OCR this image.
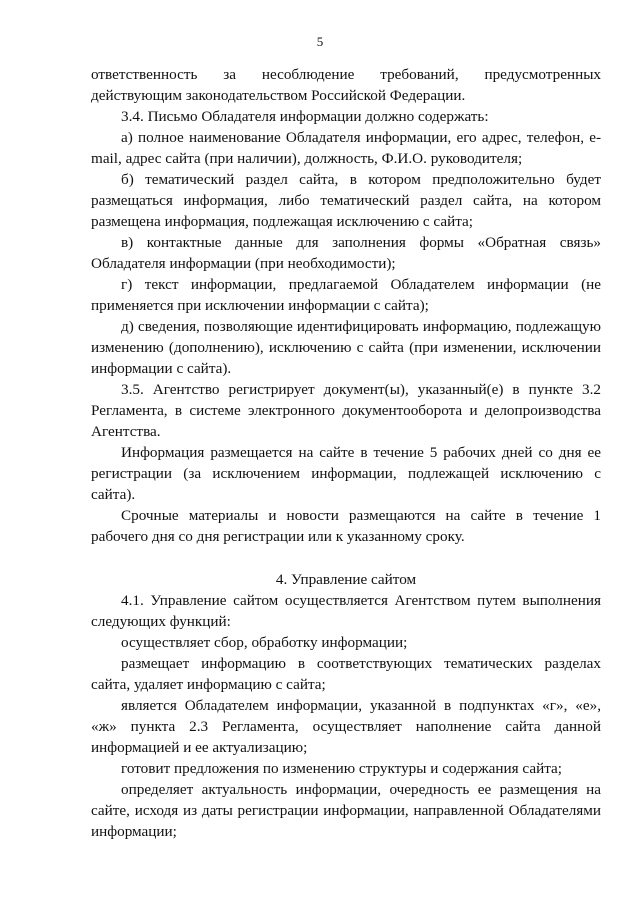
5

ответственность за несоблюдение требований, предусмотренных действующим законодательством Российской Федерации.

3.4. Письмо Обладателя информации должно содержать:

а) полное наименование Обладателя информации, его адрес, телефон, e-mail, адрес сайта (при наличии), должность, Ф.И.О. руководителя;

б) тематический раздел сайта, в котором предположительно будет размещаться информация, либо тематический раздел сайта, на котором размещена информация, подлежащая исключению с сайта;

в) контактные данные для заполнения формы «Обратная связь» Обладателя информации (при необходимости);

г) текст информации, предлагаемой Обладателем информации (не применяется при исключении информации с сайта);

д) сведения, позволяющие идентифицировать информацию, подлежащую изменению (дополнению), исключению с сайта (при изменении, исключении информации с сайта).

3.5. Агентство регистрирует документ(ы), указанный(е) в пункте 3.2 Регламента, в системе электронного документооборота и делопроизводства Агентства.

Информация размещается на сайте в течение 5 рабочих дней со дня ее регистрации (за исключением информации, подлежащей исключению с сайта).

Срочные материалы и новости размещаются на сайте в течение 1 рабочего дня со дня регистрации или к указанному сроку.

4. Управление сайтом

4.1. Управление сайтом осуществляется Агентством путем выполнения следующих функций:

осуществляет сбор, обработку информации;

размещает информацию в соответствующих тематических разделах сайта, удаляет информацию с сайта;

является Обладателем информации, указанной в подпунктах «г», «е», «ж» пункта 2.3 Регламента, осуществляет наполнение сайта данной информацией и ее актуализацию;

готовит предложения по изменению структуры и содержания сайта;

определяет актуальность информации, очередность ее размещения на сайте, исходя из даты регистрации информации, направленной Обладателями информации;
